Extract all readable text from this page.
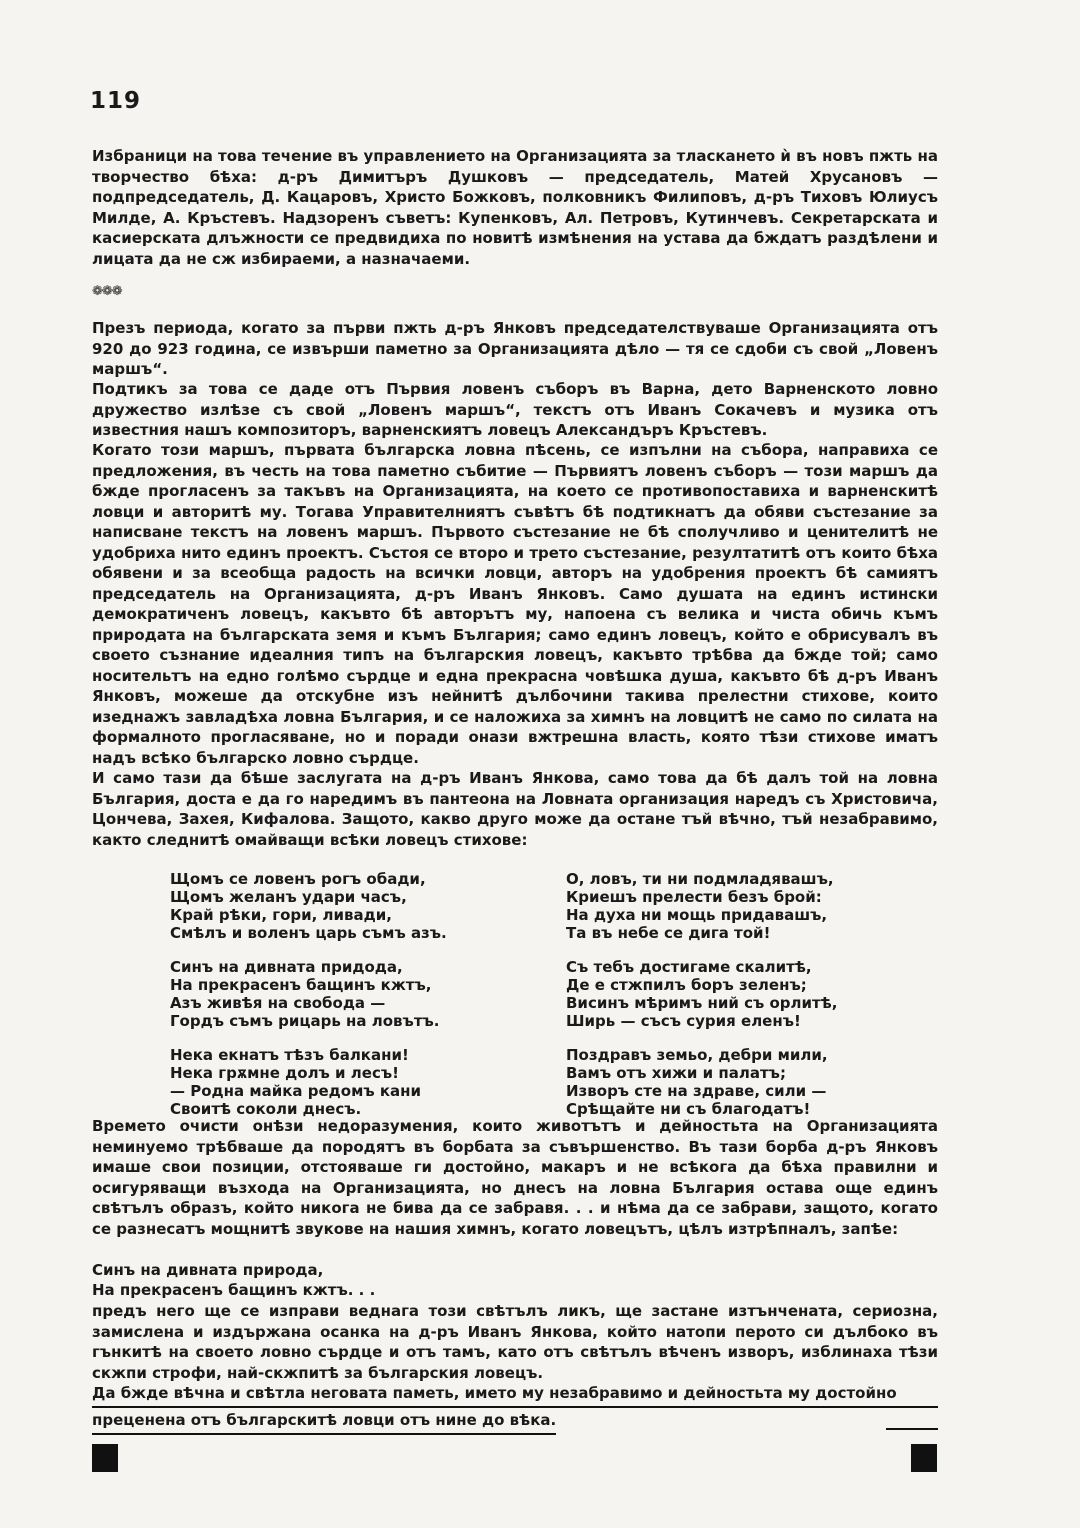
119

Избраници на това течение въ управлението на Организацията за тласкането ѝ въ новъ пжть на творчество бѣха: д-ръ Димитъръ Душковъ — председатель, Матей Хрусановъ — подпредседатель, Д. Кацаровъ, Христо Божковъ, полковникъ Филиповъ, д-ръ Тиховъ Юлиусъ Милде, А. Кръстевъ. Надзоренъ съветъ: Купенковъ, Ал. Петровъ, Кутинчевъ. Секретарската и касиерската длъжности се предвидиха по новитѣ измѣнения на устава да бждатъ раздѣлени и лицата да не сж избираеми, а назначаеми.

❁❁❁

Презъ периода, когато за първи пжть д-ръ Янковъ председателствуваше Организацията отъ 920 до 923 година, се извърши паметно за Организацията дѣло — тя се сдоби съ свой „Ловенъ маршъ“.

Подтикъ за това се даде отъ Първия ловенъ съборъ въ Варна, дето Варненското ловно дружество излѣзе съ свой „Ловенъ маршъ“, текстъ отъ Иванъ Сокачевъ и музика отъ известния нашъ композиторъ, варненскиятъ ловецъ Александъръ Кръстевъ.

Когато този маршъ, първата българска ловна пѣсень, се изпълни на събора, направиха се предложения, въ честь на това паметно събитие — Първиятъ ловенъ съборъ — този маршъ да бжде прогласенъ за такъвъ на Организацията, на което се противопоставиха и варненскитѣ ловци и авторитѣ му. Тогава Управителниятъ съвѣтъ бѣ подтикнатъ да обяви състезание за написване текстъ на ловенъ маршъ. Първото състезание не бѣ сполучливо и ценителитѣ не удобриха нито единъ проектъ. Състоя се второ и трето състезание, резултатитѣ отъ които бѣха обявени и за всеобща радость на всички ловци, авторъ на удобрения проектъ бѣ самиятъ председатель на Организацията, д-ръ Иванъ Янковъ. Само душата на единъ истински демократиченъ ловецъ, какъвто бѣ авторътъ му, напоена съ велика и чиста обичь къмъ природата на българската земя и къмъ България; само единъ ловецъ, който е обрисувалъ въ своето съзнание идеалния типъ на българския ловецъ, какъвто трѣбва да бжде той; само носительтъ на едно голѣмо сърдце и една прекрасна човѣшка душа, какъвто бѣ д-ръ Иванъ Янковъ, можеше да отскубне изъ нейнитѣ дълбочини такива прелестни стихове, които изеднажъ завладѣха ловна България, и се наложиха за химнъ на ловцитѣ не само по силата на формалното прогласяване, но и поради онази вжтрешна власть, която тѣзи стихове иматъ надъ всѣко българско ловно сърдце.

И само тази да бѣше заслугата на д-ръ Иванъ Янкова, само това да бѣ далъ той на ловна България, доста е да го наредимъ въ пантеона на Ловната организация наредъ съ Христовича, Цончева, Захея, Кифалова. Защото, какво друго може да остане тъй вѣчно, тъй незабравимо, както следнитѣ омайващи всѣки ловецъ стихове:

Щомъ се ловенъ рогъ обади,
Щомъ желанъ удари часъ,
Край рѣки, гори, ливади,
Смѣлъ и воленъ царь съмъ азъ.
Синъ на дивната придода,
На прекрасенъ бащинъ кжтъ,
Азъ живѣя на свобода —
Гордъ съмъ рицарь на ловътъ.
Нека екнатъ тѣзъ балкани!
Нека грѫмне долъ и лесъ!
— Родна майка редомъ кани
Своитѣ соколи днесъ.
О, ловъ, ти ни подмладявашъ,
Криешъ прелести безъ брой:
На духа ни мощь придавашъ,
Та въ небе се дига той!
Съ тебъ достигаме скалитѣ,
Де е стжпилъ боръ зеленъ;
Висинъ мѣримъ ний съ орлитѣ,
Ширь — съсъ сурия еленъ!
Поздравъ земьо, дебри мили,
Вамъ отъ хижи и палатъ;
Изворъ сте на здраве, сили —
Срѣщайте ни съ благодатъ!

Времето очисти онѣзи недоразумения, които животътъ и дейностьта на Организацията неминуемо трѣбваше да породятъ въ борбата за съвършенство. Въ тази борба д-ръ Янковъ имаше свои позиции, отстояваше ги достойно, макаръ и не всѣкога да бѣха правилни и осигуряващи възхода на Организацията, но днесъ на ловна България остава още единъ свѣтълъ образъ, който никога не бива да се забравя. . . и нѣма да се забрави, защото, когато се разнесатъ мощнитѣ звукове на нашия химнъ, когато ловецътъ, цѣлъ изтрѣпналъ, запѣе:

Синъ на дивната природа,
На прекрасенъ бащинъ кжтъ. . .

предъ него ще се изправи веднага този свѣтълъ ликъ, ще застане изтънчената, сериозна, замислена и издържана осанка на д-ръ Иванъ Янкова, който натопи перото си дълбоко въ гънкитѣ на своето ловно сърдце и отъ тамъ, като отъ свѣтълъ вѣченъ изворъ, изблинаха тѣзи скжпи строфи, най-скжпитѣ за българския ловецъ.

Да бжде вѣчна и свѣтла неговата паметь, името му незабравимо и дейностьта му достойно
преценена отъ българскитѣ ловци отъ нине до вѣка.
